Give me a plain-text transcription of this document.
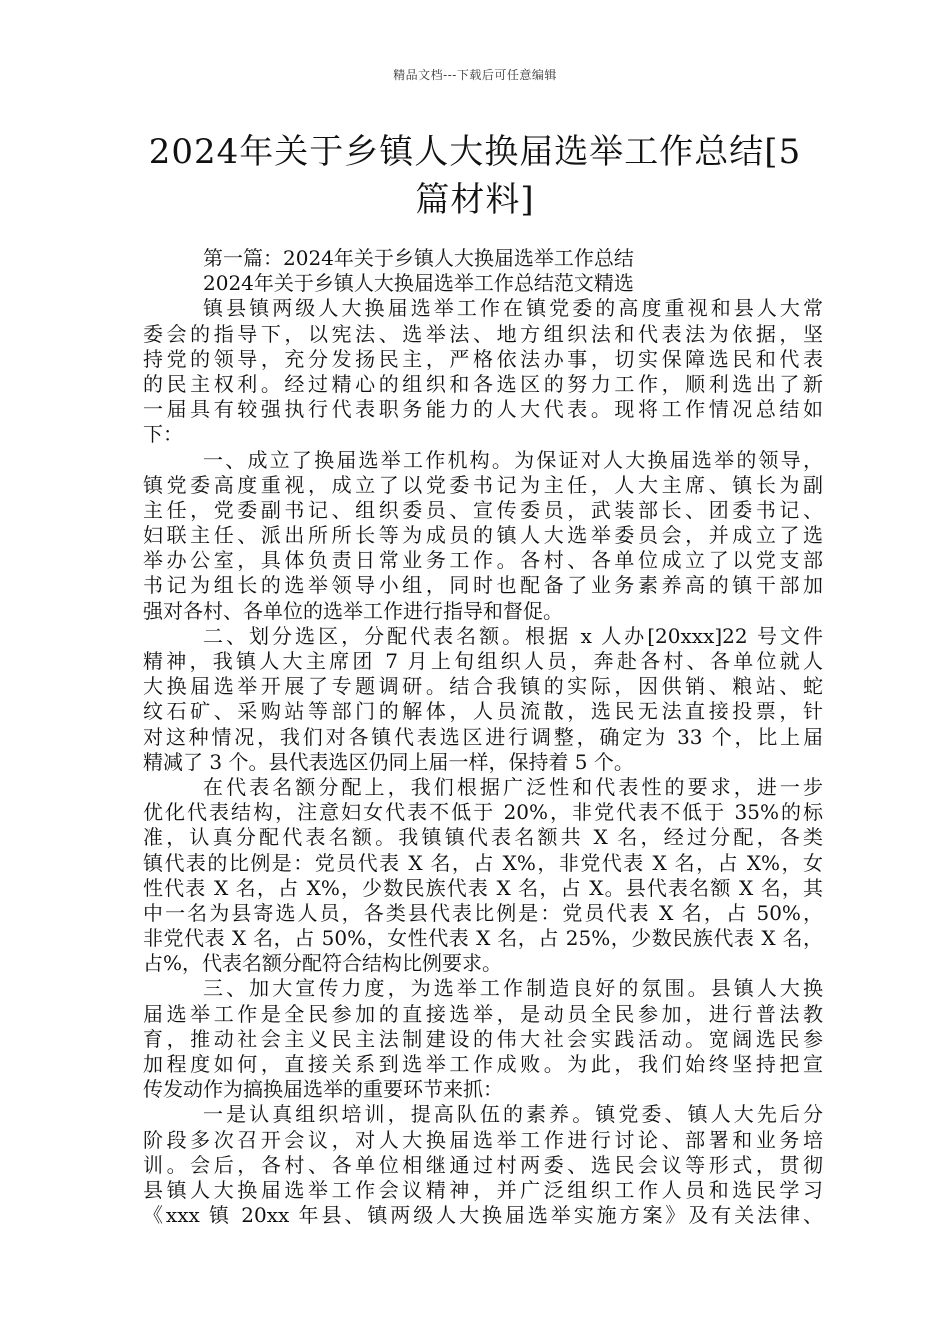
精品文档---下载后可任意编辑
2024年关于乡镇人大换届选举工作总结[5
篇材料]
第一篇：2024年关于乡镇人大换届选举工作总结
2024年关于乡镇人大换届选举工作总结范文精选
镇县镇两级人大换届选举工作在镇党委的高度重视和县人大常
委会的指导下，以宪法、选举法、地方组织法和代表法为依据，坚
持党的领导，充分发扬民主，严格依法办事，切实保障选民和代表
的民主权利。经过精心的组织和各选区的努力工作，顺利选出了新
一届具有较强执行代表职务能力的人大代表。现将工作情况总结如
下：
一、成立了换届选举工作机构。为保证对人大换届选举的领导，
镇党委高度重视，成立了以党委书记为主任，人大主席、镇长为副
主任，党委副书记、组织委员、宣传委员，武装部长、团委书记、
妇联主任、派出所所长等为成员的镇人大选举委员会，并成立了选
举办公室，具体负责日常业务工作。各村、各单位成立了以党支部
书记为组长的选举领导小组，同时也配备了业务素养高的镇干部加
强对各村、各单位的选举工作进行指导和督促。
二、划分选区，分配代表名额。根据 x 人办[20xxx]22 号文件
精神，我镇人大主席团 7 月上旬组织人员，奔赴各村、各单位就人
大换届选举开展了专题调研。结合我镇的实际，因供销、粮站、蛇
纹石矿、采购站等部门的解体，人员流散，选民无法直接投票，针
对这种情况，我们对各镇代表选区进行调整，确定为 33 个，比上届
精减了 3 个。县代表选区仍同上届一样，保持着 5 个。
在代表名额分配上，我们根据广泛性和代表性的要求，进一步
优化代表结构，注意妇女代表不低于 20%，非党代表不低于 35%的标
准，认真分配代表名额。我镇镇代表名额共 X 名，经过分配，各类
镇代表的比例是：党员代表 X 名，占 X%，非党代表 X 名，占 X%，女
性代表 X 名，占 X%，少数民族代表 X 名，占 X。县代表名额 X 名，其
中一名为县寄选人员，各类县代表比例是：党员代表 X 名，占 50%，
非党代表 X 名，占 50%，女性代表 X 名，占 25%，少数民族代表 X 名，
占%，代表名额分配符合结构比例要求。
三、加大宣传力度，为选举工作制造良好的氛围。县镇人大换
届选举工作是全民参加的直接选举，是动员全民参加，进行普法教
育，推动社会主义民主法制建设的伟大社会实践活动。宽阔选民参
加程度如何，直接关系到选举工作成败。为此，我们始终坚持把宣
传发动作为搞换届选举的重要环节来抓：
一是认真组织培训，提高队伍的素养。镇党委、镇人大先后分
阶段多次召开会议，对人大换届选举工作进行讨论、部署和业务培
训。会后，各村、各单位相继通过村两委、选民会议等形式，贯彻
县镇人大换届选举工作会议精神，并广泛组织工作人员和选民学习
《xxx 镇 20xx 年县、镇两级人大换届选举实施方案》及有关法律、
